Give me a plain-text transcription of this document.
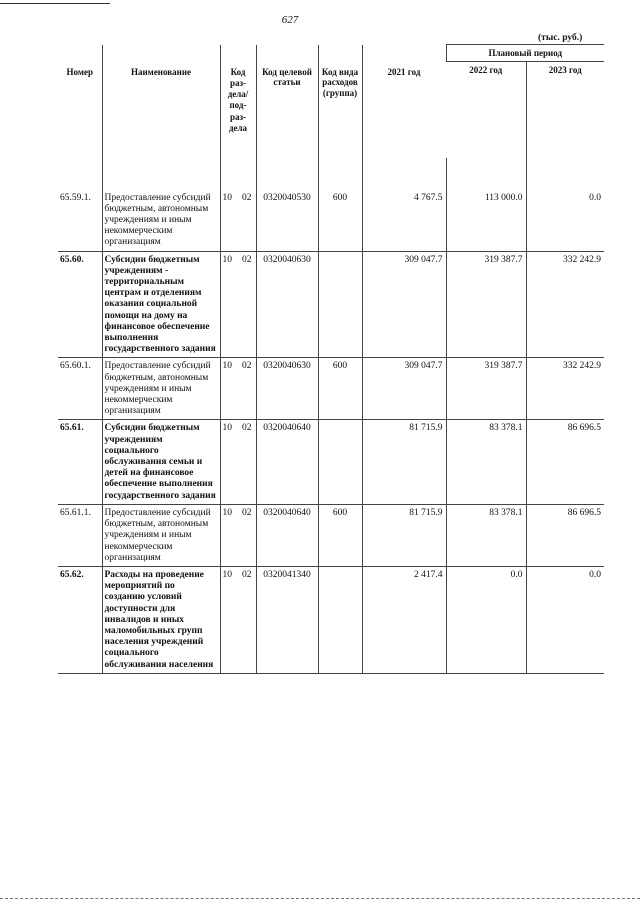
627
(тыс. руб.)
Номер	Наименование	Код раз- дела/ под- раз- дела	Код целевой статьи	Код вида расходов (группа)	2021 год	Плановый период	
						2022 год	2023 год

65.59.1.	Предоставление субсидий бюджетным, автономным учреждениям и иным некоммерческим организациям	10 02	0320040530	600	4 767.5	113 000.0	0.0
65.60.	Субсидии бюджетным учреждениям - территориальным центрам и отделениям оказания социальной помощи на дому на финансовое обеспечение выполнения государственного задания	10 02	0320040630		309 047.7	319 387.7	332 242.9
65.60.1.	Предоставление субсидий бюджетным, автономным учреждениям и иным некоммерческим организациям	10 02	0320040630	600	309 047.7	319 387.7	332 242.9
65.61.	Субсидии бюджетным учреждениям социального обслуживания семьи и детей на финансовое обеспечение выполнения государственного задания	10 02	0320040640		81 715.9	83 378.1	86 696.5
65.61.1.	Предоставление субсидий бюджетным, автономным учреждениям и иным некоммерческим организациям	10 02	0320040640	600	81 715.9	83 378.1	86 696.5
65.62.	Расходы на проведение мероприятий по созданию условий доступности для инвалидов и иных маломобильных групп населения учреждений социального обслуживания населения	10 02	0320041340		2 417.4	0.0	0.0
